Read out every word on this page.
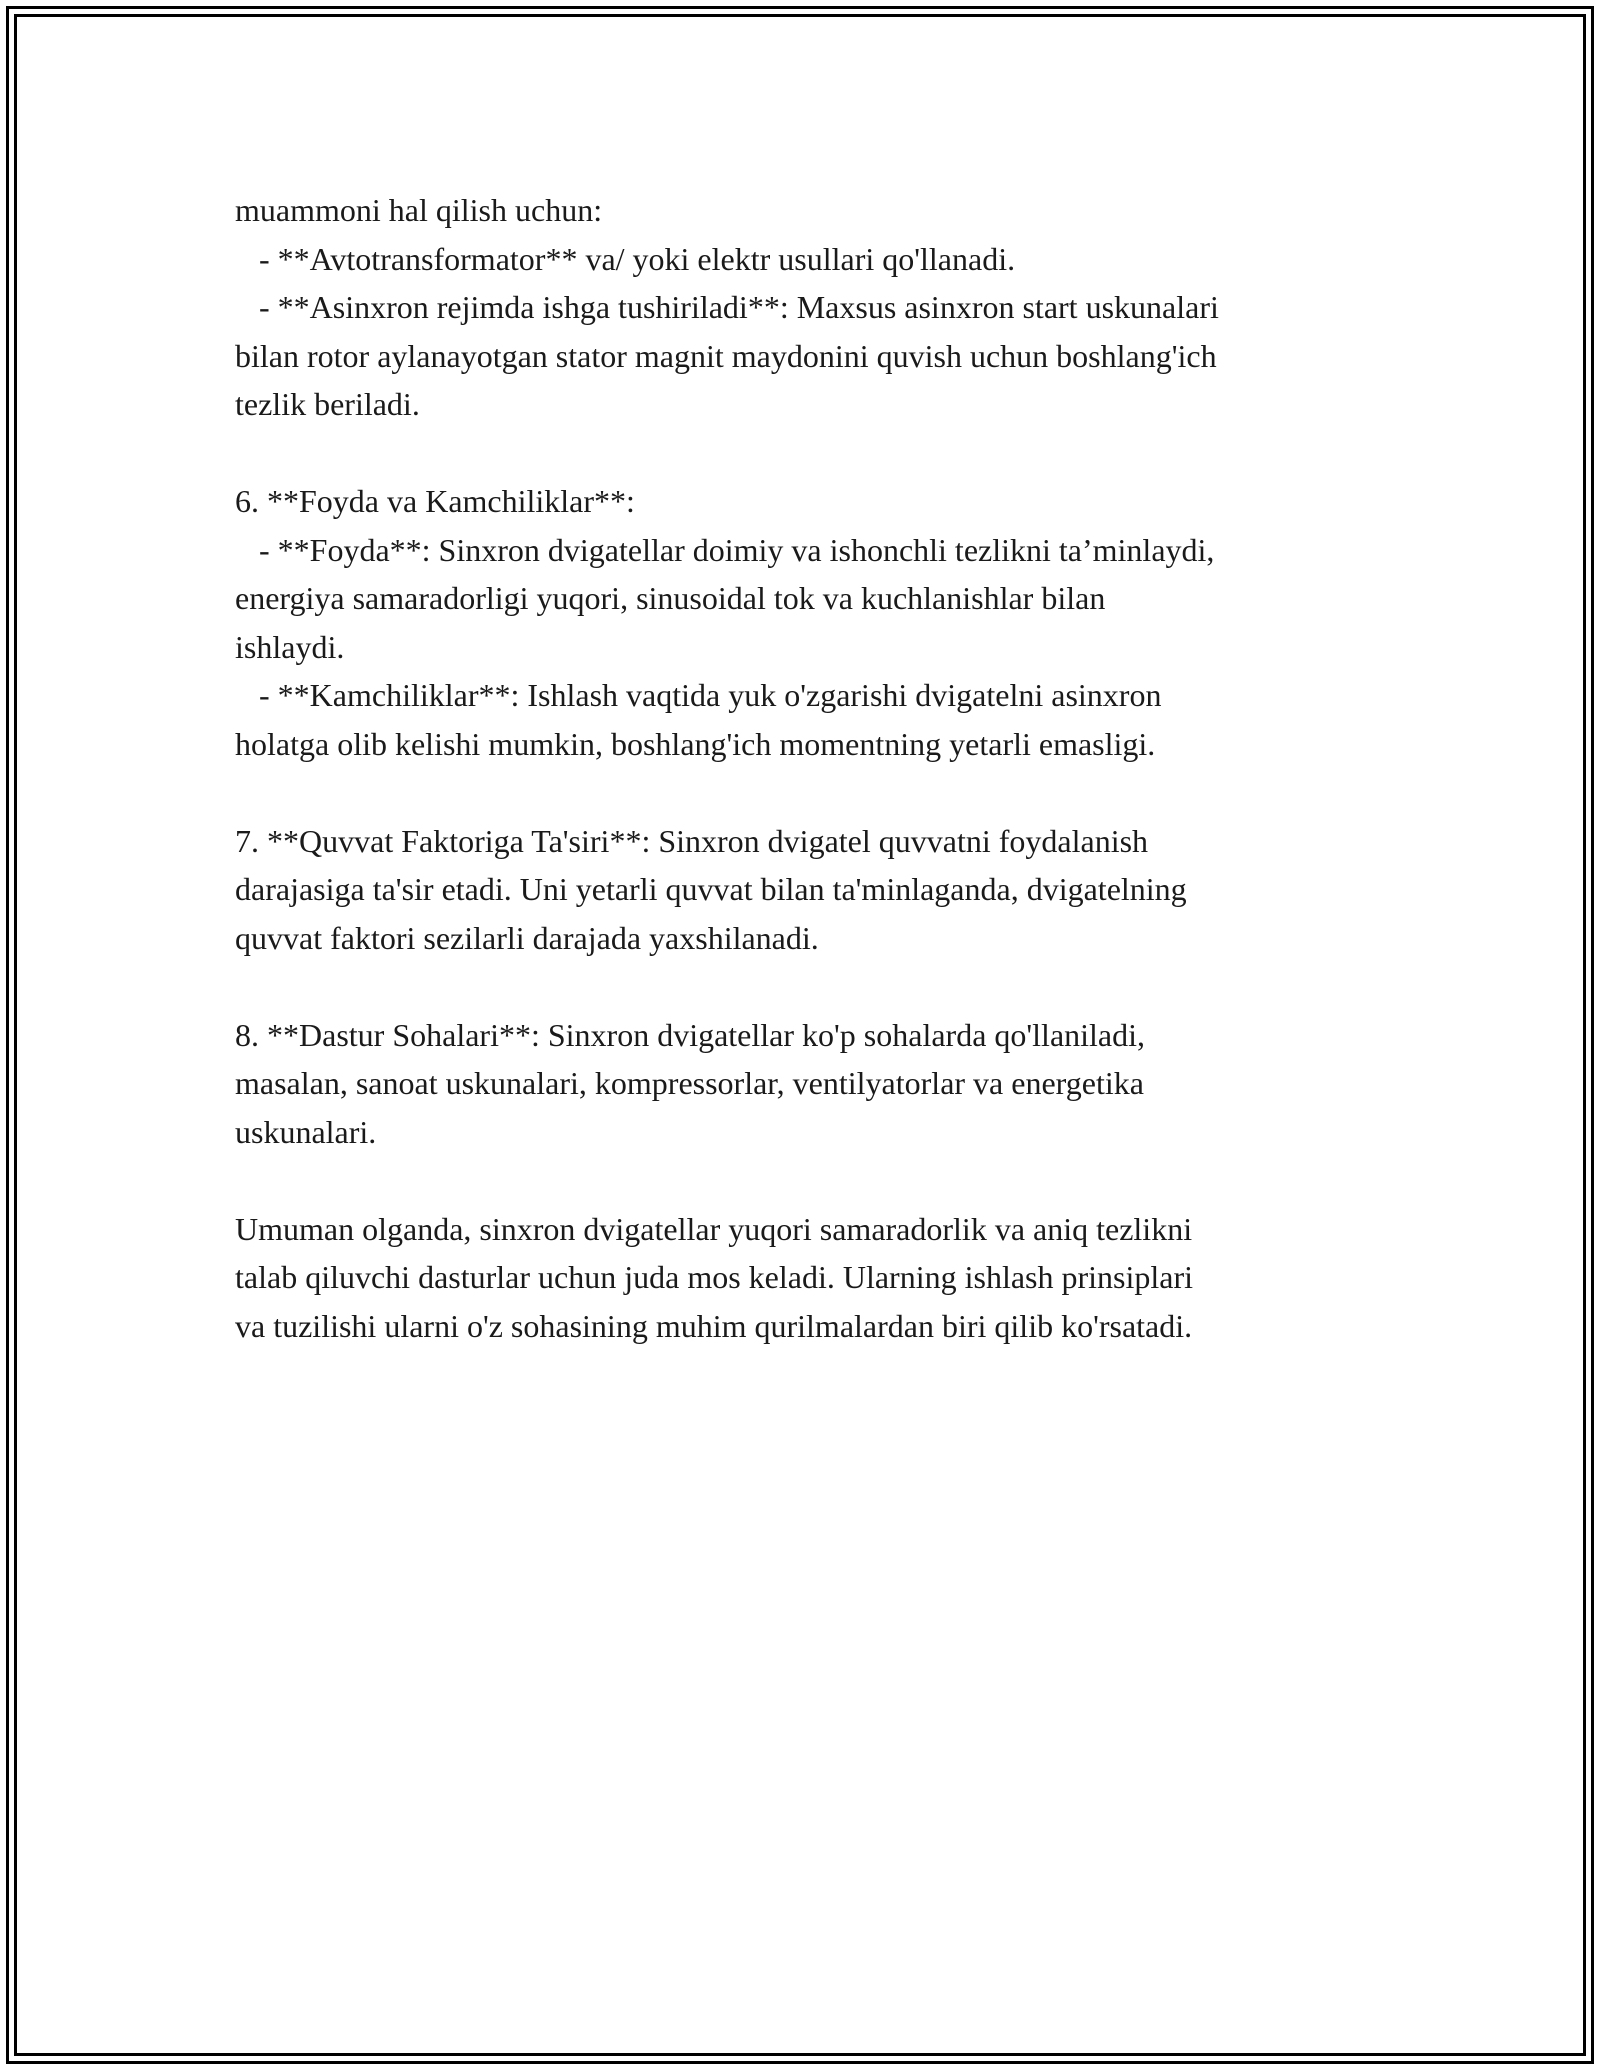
muammoni hal qilish uchun:
- **Avtotransformator** va/ yoki elektr usullari qo'llanadi.
- **Asinxron rejimda ishga tushiriladi**: Maxsus asinxron start uskunalari
bilan rotor aylanayotgan stator magnit maydonini quvish uchun boshlang'ich
tezlik beriladi.
6. **Foyda va Kamchiliklar**:
- **Foyda**: Sinxron dvigatellar doimiy va ishonchli tezlikni ta’minlaydi,
energiya samaradorligi yuqori, sinusoidal tok va kuchlanishlar bilan
ishlaydi.
- **Kamchiliklar**: Ishlash vaqtida yuk o'zgarishi dvigatelni asinxron
holatga olib kelishi mumkin, boshlang'ich momentning yetarli emasligi.
7. **Quvvat Faktoriga Ta'siri**: Sinxron dvigatel quvvatni foydalanish
darajasiga ta'sir etadi. Uni yetarli quvvat bilan ta'minlaganda, dvigatelning
quvvat faktori sezilarli darajada yaxshilanadi.
8. **Dastur Sohalari**: Sinxron dvigatellar ko'p sohalarda qo'llaniladi,
masalan, sanoat uskunalari, kompressorlar, ventilyatorlar va energetika
uskunalari.
Umuman olganda, sinxron dvigatellar yuqori samaradorlik va aniq tezlikni
talab qiluvchi dasturlar uchun juda mos keladi. Ularning ishlash prinsiplari
va tuzilishi ularni o'z sohasining muhim qurilmalardan biri qilib ko'rsatadi.
